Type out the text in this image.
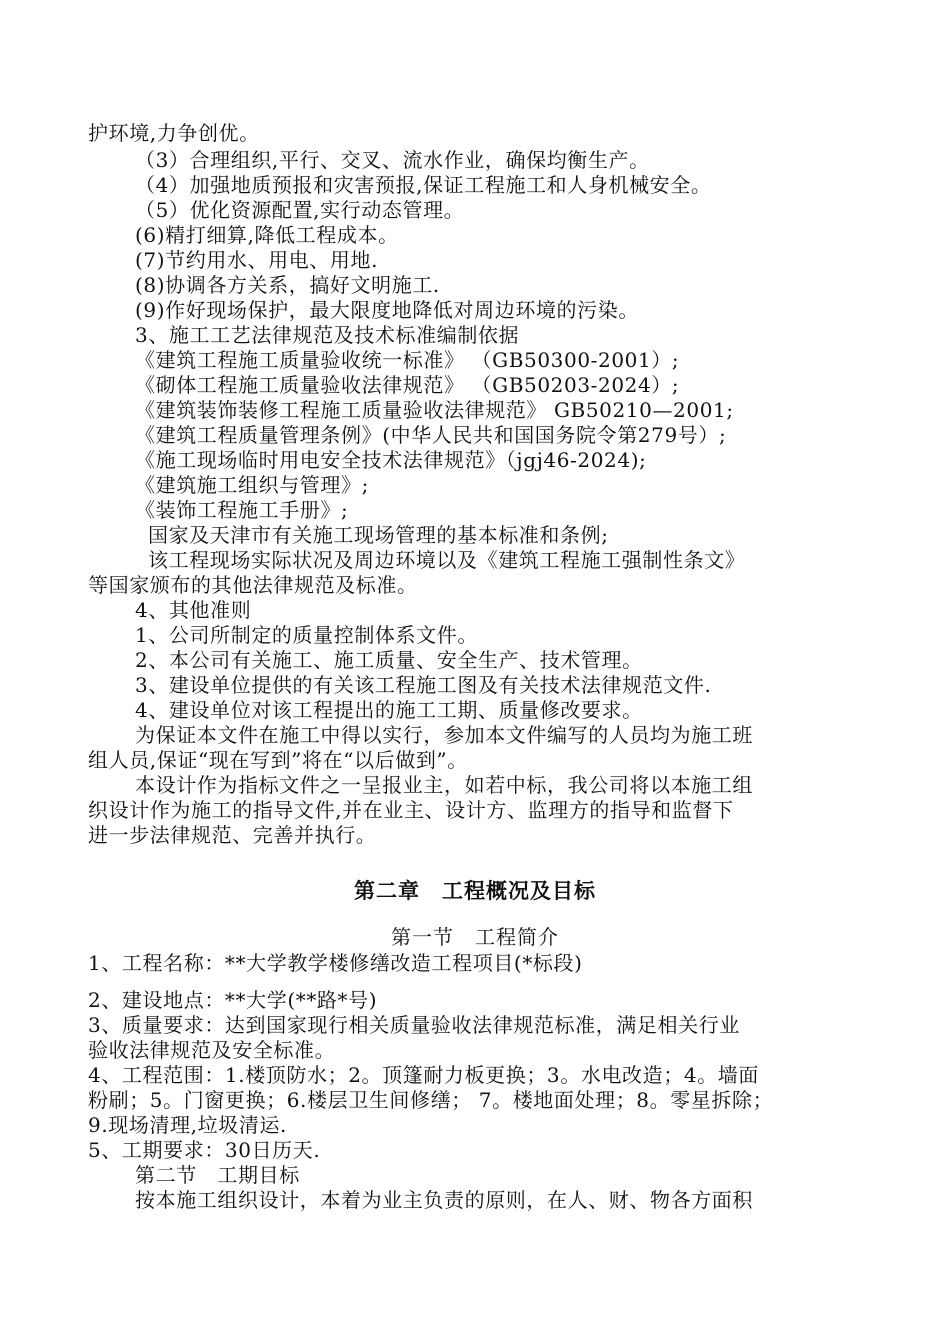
护环境,力争创优。
（3）合理组织,平行、交叉、流水作业，确保均衡生产。
（4）加强地质预报和灾害预报,保证工程施工和人身机械安全。
（5）优化资源配置,实行动态管理。
(6)精打细算,降低工程成本。
(7)节约用水、用电、用地.
(8)协调各方关系，搞好文明施工.
(9)作好现场保护，最大限度地降低对周边环境的污染。
3、施工工艺法律规范及技术标准编制依据
《建筑工程施工质量验收统一标准》 （GB50300-2001）;
《砌体工程施工质量验收法律规范》 （GB50203-2024）;
《建筑装饰装修工程施工质量验收法律规范》 GB50210—2001;
《建筑工程质量管理条例》(中华人民共和国国务院令第279号）;
《施工现场临时用电安全技术法律规范》（jgj46-2024);
《建筑施工组织与管理》;
《装饰工程施工手册》;
国家及天津市有关施工现场管理的基本标准和条例;
该工程现场实际状况及周边环境以及《建筑工程施工强制性条文》
等国家颁布的其他法律规范及标准。
4、其他准则
1、公司所制定的质量控制体系文件。
2、本公司有关施工、施工质量、安全生产、技术管理。
3、建设单位提供的有关该工程施工图及有关技术法律规范文件.
4、建设单位对该工程提出的施工工期、质量修改要求。
为保证本文件在施工中得以实行，参加本文件编写的人员均为施工班
组人员,保证“现在写到”将在“以后做到”。
本设计作为指标文件之一呈报业主，如若中标，我公司将以本施工组
织设计作为施工的指导文件,并在业主、设计方、监理方的指导和监督下
进一步法律规范、完善并执行。
第二章　工程概况及目标
第一节　工程简介
1、工程名称：**大学教学楼修缮改造工程项目(*标段)
2、建设地点：**大学(**路*号)
3、质量要求：达到国家现行相关质量验收法律规范标准，满足相关行业
验收法律规范及安全标准。
4、工程范围：1.楼顶防水；2。顶篷耐力板更换；3。水电改造；4。墙面
粉刷；5。门窗更换；6.楼层卫生间修缮； 7。楼地面处理；8。零星拆除；
9.现场清理,垃圾清运.
5、工期要求：30日历天.
第二节　工期目标
按本施工组织设计，本着为业主负责的原则，在人、财、物各方面积
